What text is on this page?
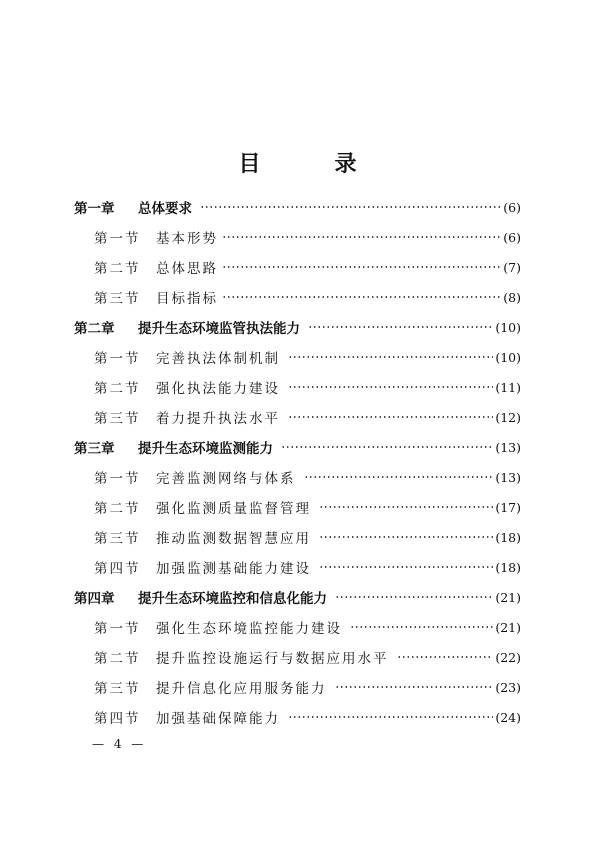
目　录
第一章	总体要求	(6)
第一节	基本形势	(6)
第二节	总体思路	(7)
第三节	目标指标	(8)
第二章	提升生态环境监管执法能力	(10)
第一节	完善执法体制机制	(10)
第二节	强化执法能力建设	(11)
第三节	着力提升执法水平	(12)
第三章	提升生态环境监测能力	(13)
第一节	完善监测网络与体系	(13)
第二节	强化监测质量监督管理	(17)
第三节	推动监测数据智慧应用	(18)
第四节	加强监测基础能力建设	(18)
第四章	提升生态环境监控和信息化能力	(21)
第一节	强化生态环境监控能力建设	(21)
第二节	提升监控设施运行与数据应用水平	(22)
第三节	提升信息化应用服务能力	(23)
第四节	加强基础保障能力	(24)
— 4 —
